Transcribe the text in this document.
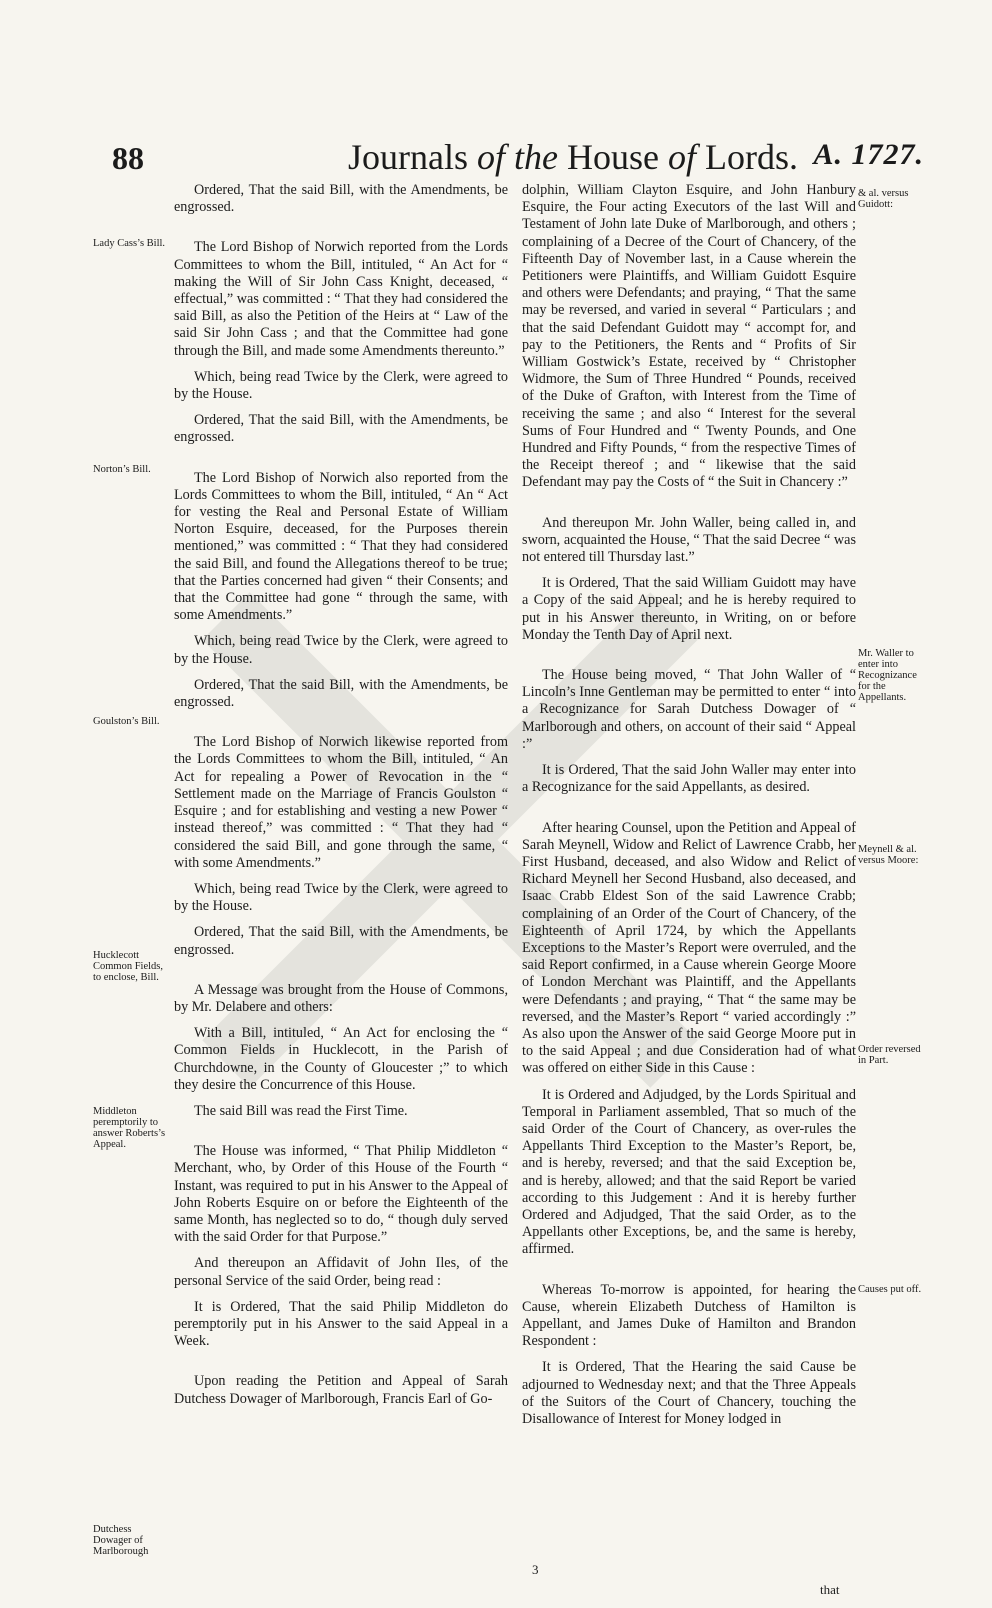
88	Journals of the House of Lords. A. 1727.
Lady Cass’s Bill.
Norton’s Bill.
Goulston’s Bill.
Hucklecott Common Fields, to enclose, Bill.
Middleton peremptorily to answer Roberts’s Appeal.
Dutchess Dowager of Marlborough
& al. versus Guidott:
Mr. Waller to enter into Recognizance for the Appellants.
Meynell & al. versus Moore:
Order reversed in Part.
Causes put off.

Ordered, That the said Bill, with the Amendments, be engrossed.

The Lord Bishop of Norwich reported from the Lords Committees to whom the Bill, intituled, “ An Act for “ making the Will of Sir John Cass Knight, deceased, “ effectual,” was committed : “ That they had considered the said Bill, as also the Petition of the Heirs at “ Law of the said Sir John Cass ; and that the Committee had gone through the Bill, and made some Amendments thereunto.”

Which, being read Twice by the Clerk, were agreed to by the House.

Ordered, That the said Bill, with the Amendments, be engrossed.

The Lord Bishop of Norwich also reported from the Lords Committees to whom the Bill, intituled, “ An “ Act for vesting the Real and Personal Estate of William Norton Esquire, deceased, for the Purposes therein mentioned,” was committed : “ That they had considered the said Bill, and found the Allegations thereof to be true; that the Parties concerned had given “ their Consents; and that the Committee had gone “ through the same, with some Amendments.”

Which, being read Twice by the Clerk, were agreed to by the House.

Ordered, That the said Bill, with the Amendments, be engrossed.

The Lord Bishop of Norwich likewise reported from the Lords Committees to whom the Bill, intituled, “ An Act for repealing a Power of Revocation in the “ Settlement made on the Marriage of Francis Goulston “ Esquire ; and for establishing and vesting a new Power “ instead thereof,” was committed : “ That they had “ considered the said Bill, and gone through the same, “ with some Amendments.”

Which, being read Twice by the Clerk, were agreed to by the House.

Ordered, That the said Bill, with the Amendments, be engrossed.

A Message was brought from the House of Commons, by Mr. Delabere and others:

With a Bill, intituled, “ An Act for enclosing the “ Common Fields in Hucklecott, in the Parish of Churchdowne, in the County of Gloucester ;” to which they desire the Concurrence of this House.

The said Bill was read the First Time.

The House was informed, “ That Philip Middleton “ Merchant, who, by Order of this House of the Fourth “ Instant, was required to put in his Answer to the Appeal of John Roberts Esquire on or before the Eighteenth of the same Month, has neglected so to do, “ though duly served with the said Order for that Purpose.”

And thereupon an Affidavit of John Iles, of the personal Service of the said Order, being read :

It is Ordered, That the said Philip Middleton do peremptorily put in his Answer to the said Appeal in a Week.

Upon reading the Petition and Appeal of Sarah Dutchess Dowager of Marlborough, Francis Earl of Go-

dolphin, William Clayton Esquire, and John Hanbury Esquire, the Four acting Executors of the last Will and Testament of John late Duke of Marlborough, and others ; complaining of a Decree of the Court of Chancery, of the Fifteenth Day of November last, in a Cause wherein the Petitioners were Plaintiffs, and William Guidott Esquire and others were Defendants; and praying, “ That the same may be reversed, and varied in several “ Particulars ; and that the said Defendant Guidott may “ accompt for, and pay to the Petitioners, the Rents and “ Profits of Sir William Gostwick’s Estate, received by “ Christopher Widmore, the Sum of Three Hundred “ Pounds, received of the Duke of Grafton, with Interest from the Time of receiving the same ; and also “ Interest for the several Sums of Four Hundred and “ Twenty Pounds, and One Hundred and Fifty Pounds, “ from the respective Times of the Receipt thereof ; and “ likewise that the said Defendant may pay the Costs of “ the Suit in Chancery :”

And thereupon Mr. John Waller, being called in, and sworn, acquainted the House, “ That the said Decree “ was not entered till Thursday last.”

It is Ordered, That the said William Guidott may have a Copy of the said Appeal; and he is hereby required to put in his Answer thereunto, in Writing, on or before Monday the Tenth Day of April next.

The House being moved, “ That John Waller of “ Lincoln’s Inne Gentleman may be permitted to enter “ into a Recognizance for Sarah Dutchess Dowager of “ Marlborough and others, on account of their said “ Appeal :”

It is Ordered, That the said John Waller may enter into a Recognizance for the said Appellants, as desired.

After hearing Counsel, upon the Petition and Appeal of Sarah Meynell, Widow and Relict of Lawrence Crabb, her First Husband, deceased, and also Widow and Relict of Richard Meynell her Second Husband, also deceased, and Isaac Crabb Eldest Son of the said Lawrence Crabb; complaining of an Order of the Court of Chancery, of the Eighteenth of April 1724, by which the Appellants Exceptions to the Master’s Report were overruled, and the said Report confirmed, in a Cause wherein George Moore of London Merchant was Plaintiff, and the Appellants were Defendants ; and praying, “ That “ the same may be reversed, and the Master’s Report “ varied accordingly :” As also upon the Answer of the said George Moore put in to the said Appeal ; and due Consideration had of what was offered on either Side in this Cause :

It is Ordered and Adjudged, by the Lords Spiritual and Temporal in Parliament assembled, That so much of the said Order of the Court of Chancery, as over-rules the Appellants Third Exception to the Master’s Report, be, and is hereby, reversed; and that the said Exception be, and is hereby, allowed; and that the said Report be varied according to this Judgement : And it is hereby further Ordered and Adjudged, That the said Order, as to the Appellants other Exceptions, be, and the same is hereby, affirmed.

Whereas To-morrow is appointed, for hearing the Cause, wherein Elizabeth Dutchess of Hamilton is Appellant, and James Duke of Hamilton and Brandon Respondent :

It is Ordered, That the Hearing the said Cause be adjourned to Wednesday next; and that the Three Appeals of the Suitors of the Court of Chancery, touching the Disallowance of Interest for Money lodged in

3
that
